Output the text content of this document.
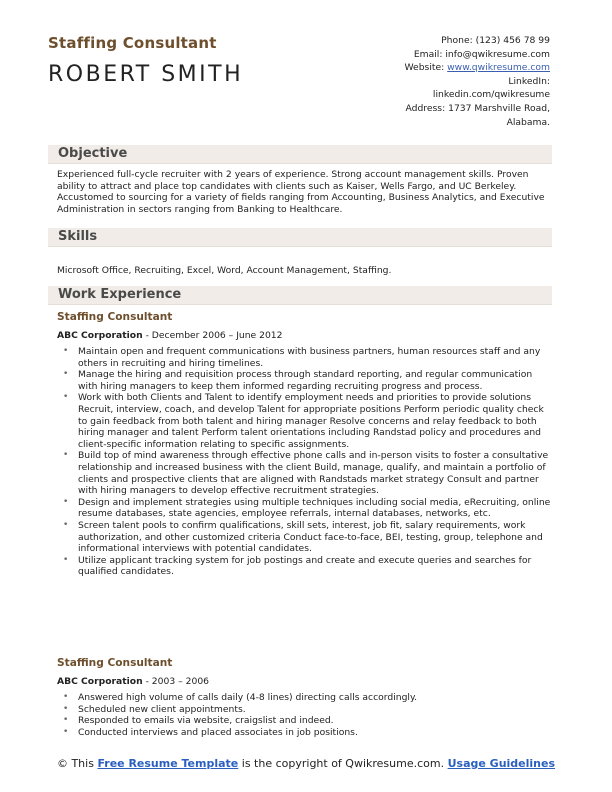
Staffing Consultant
ROBERT SMITH
Phone: (123) 456 78 99
Email: info@qwikresume.com
Website: www.qwikresume.com
LinkedIn:
linkedin.com/qwikresume
Address: 1737 Marshville Road,
Alabama.
Objective
Experienced full-cycle recruiter with 2 years of experience. Strong account management skills. Proven ability to attract and place top candidates with clients such as Kaiser, Wells Fargo, and UC Berkeley. Accustomed to sourcing for a variety of fields ranging from Accounting, Business Analytics, and Executive Administration in sectors ranging from Banking to Healthcare.
Skills
Microsoft Office, Recruiting, Excel, Word, Account Management, Staffing.
Work Experience
Staffing Consultant
ABC Corporation - December 2006 – June 2012
• Maintain open and frequent communications with business partners, human resources staff and any others in recruiting and hiring timelines.
• Manage the hiring and requisition process through standard reporting, and regular communication with hiring managers to keep them informed regarding recruiting progress and process.
• Work with both Clients and Talent to identify employment needs and priorities to provide solutions Recruit, interview, coach, and develop Talent for appropriate positions Perform periodic quality check to gain feedback from both talent and hiring manager Resolve concerns and relay feedback to both hiring manager and talent Perform talent orientations including Randstad policy and procedures and client-specific information relating to specific assignments.
• Build top of mind awareness through effective phone calls and in-person visits to foster a consultative relationship and increased business with the client Build, manage, qualify, and maintain a portfolio of clients and prospective clients that are aligned with Randstads market strategy Consult and partner with hiring managers to develop effective recruitment strategies.
• Design and implement strategies using multiple techniques including social media, eRecruiting, online resume databases, state agencies, employee referrals, internal databases, networks, etc.
• Screen talent pools to confirm qualifications, skill sets, interest, job fit, salary requirements, work authorization, and other customized criteria Conduct face-to-face, BEI, testing, group, telephone and informational interviews with potential candidates.
• Utilize applicant tracking system for job postings and create and execute queries and searches for qualified candidates.
Staffing Consultant
ABC Corporation - 2003 – 2006
• Answered high volume of calls daily (4-8 lines) directing calls accordingly.
• Scheduled new client appointments.
• Responded to emails via website, craigslist and indeed.
• Conducted interviews and placed associates in job positions.
© This Free Resume Template is the copyright of Qwikresume.com. Usage Guidelines
